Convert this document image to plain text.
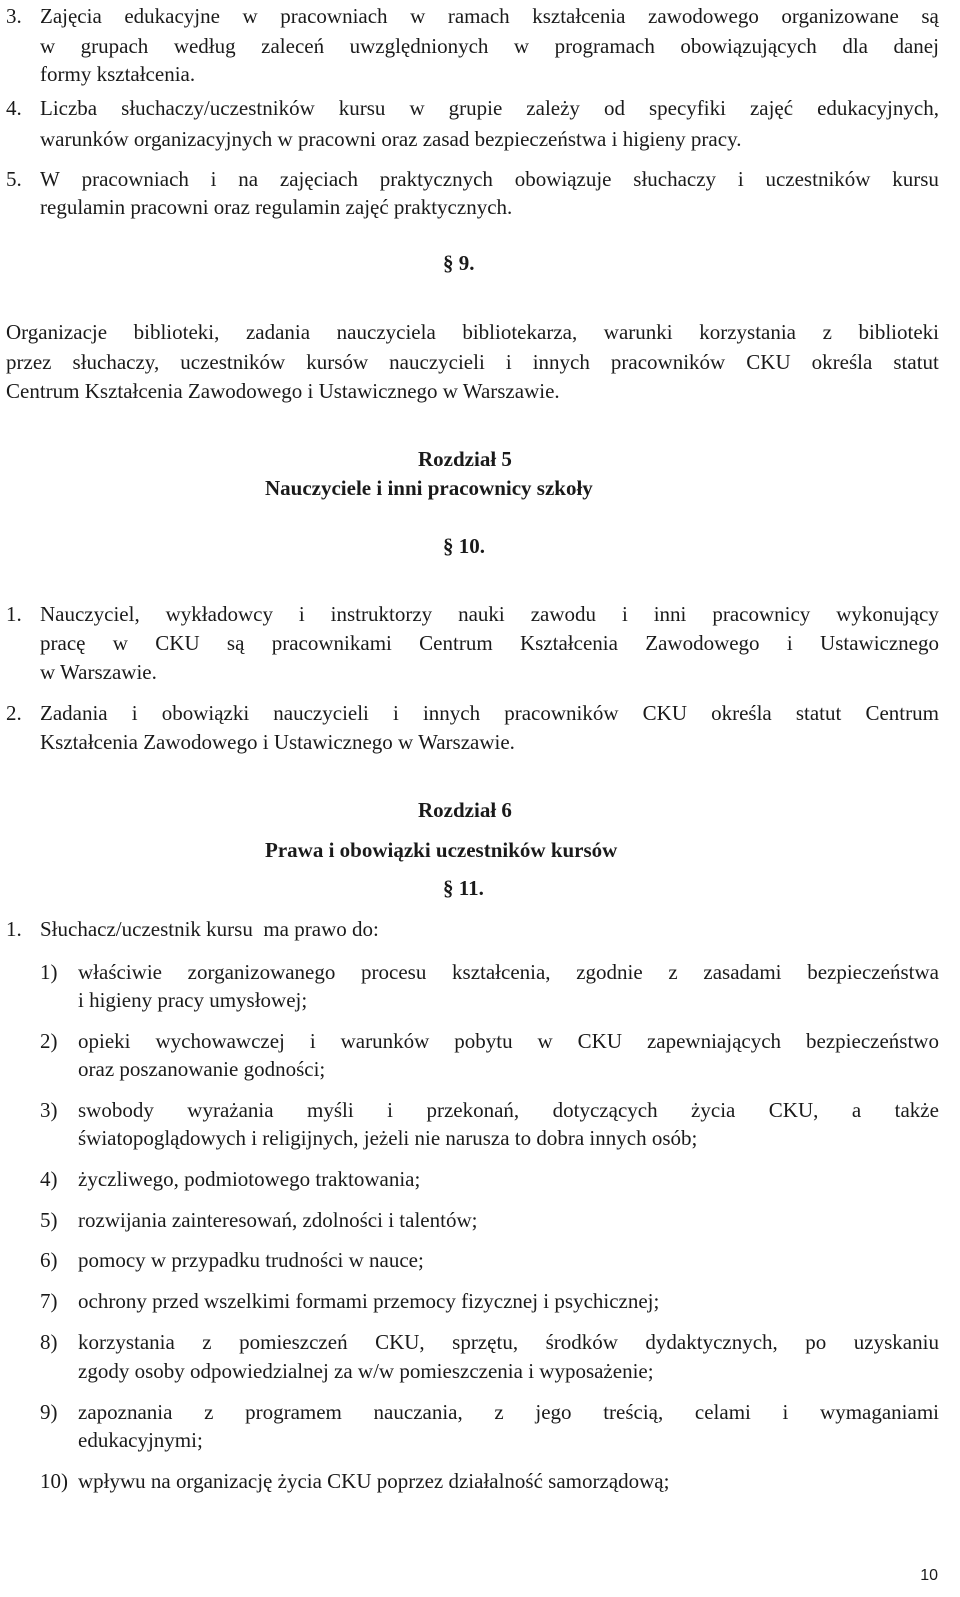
3. Zajęcia edukacyjne w pracowniach w ramach kształcenia zawodowego organizowane są
w grupach według zaleceń uwzględnionych w programach obowiązujących dla danej
formy kształcenia.
4. Liczba słuchaczy/uczestników kursu w grupie zależy od specyfiki zajęć edukacyjnych,
warunków organizacyjnych w pracowni oraz zasad bezpieczeństwa i higieny pracy.
5. W pracowniach i na zajęciach praktycznych obowiązuje słuchaczy i uczestników kursu
regulamin pracowni oraz regulamin zajęć praktycznych.
§ 9.
Organizacje biblioteki, zadania nauczyciela bibliotekarza, warunki korzystania z biblioteki
przez słuchaczy, uczestników kursów nauczycieli i innych pracowników CKU określa statut
Centrum Kształcenia Zawodowego i Ustawicznego w Warszawie.
Rozdział 5
Nauczyciele i inni pracownicy szkoły
§ 10.
1. Nauczyciel, wykładowcy i instruktorzy nauki zawodu i inni pracownicy wykonujący
pracę w CKU są pracownikami Centrum Kształcenia Zawodowego i Ustawicznego
w Warszawie.
2. Zadania i obowiązki nauczycieli i innych pracowników CKU określa statut Centrum
Kształcenia Zawodowego i Ustawicznego w Warszawie.
Rozdział 6
Prawa i obowiązki uczestników kursów
§ 11.
1. Słuchacz/uczestnik kursu  ma prawo do:
1) właściwie zorganizowanego procesu kształcenia, zgodnie z zasadami bezpieczeństwa
i higieny pracy umysłowej;
2) opieki wychowawczej i warunków pobytu w CKU zapewniających bezpieczeństwo
oraz poszanowanie godności;
3) swobody wyrażania myśli i przekonań, dotyczących życia CKU, a także
światopoglądowych i religijnych, jeżeli nie narusza to dobra innych osób;
4) życzliwego, podmiotowego traktowania;
5) rozwijania zainteresowań, zdolności i talentów;
6) pomocy w przypadku trudności w nauce;
7) ochrony przed wszelkimi formami przemocy fizycznej i psychicznej;
8) korzystania z pomieszczeń CKU, sprzętu, środków dydaktycznych, po uzyskaniu
zgody osoby odpowiedzialnej za w/w pomieszczenia i wyposażenie;
9) zapoznania z programem nauczania, z jego treścią, celami i wymaganiami
edukacyjnymi;
10) wpływu na organizację życia CKU poprzez działalność samorządową;
10
